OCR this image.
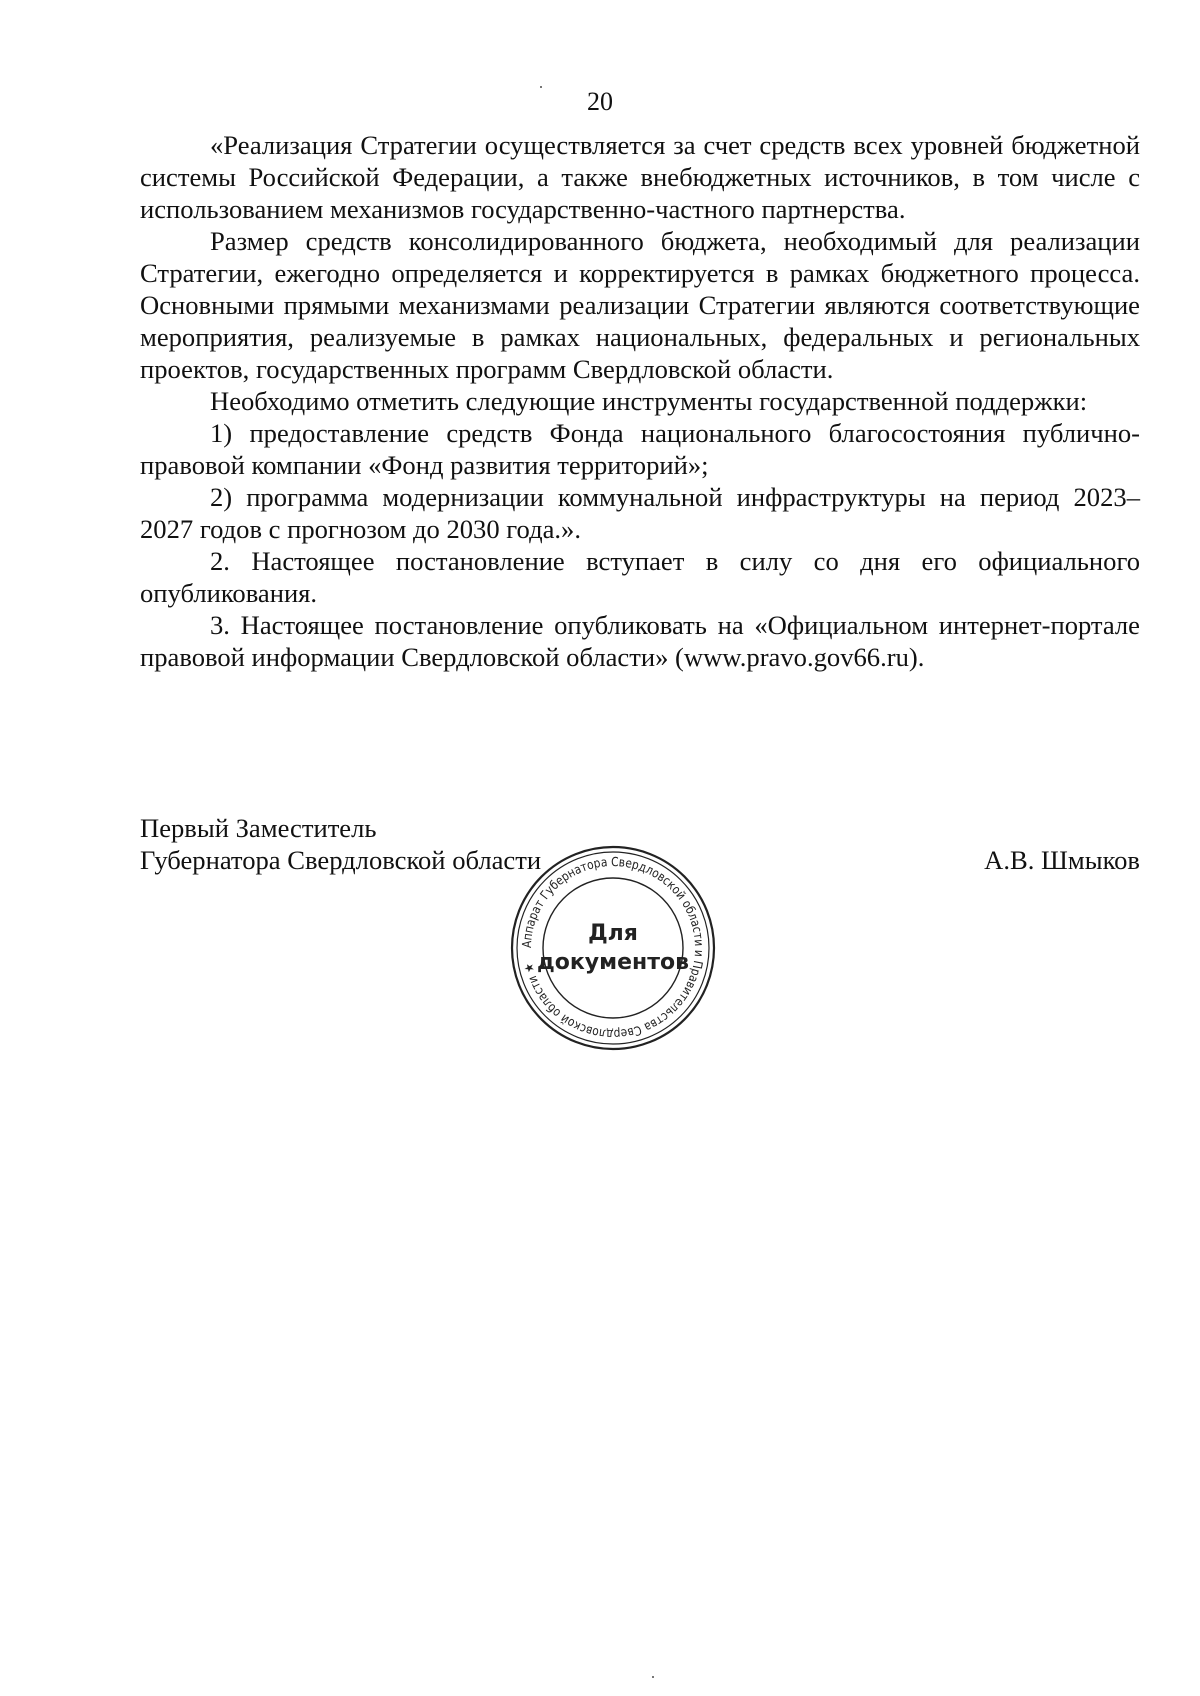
20

«Реализация Стратегии осуществляется за счет средств всех уровней бюджетной системы Российской Федерации, а также внебюджетных источников, в том числе с использованием механизмов государственно-частного партнерства.

Размер средств консолидированного бюджета, необходимый для реализации Стратегии, ежегодно определяется и корректируется в рамках бюджетного процесса. Основными прямыми механизмами реализации Стратегии являются соответствующие мероприятия, реализуемые в рамках национальных, федеральных и региональных проектов, государственных программ Свердловской области.

Необходимо отметить следующие инструменты государственной поддержки:

1) предоставление средств Фонда национального благосостояния публично-правовой компании «Фонд развития территорий»;

2) программа модернизации коммунальной инфраструктуры на период 2023–2027 годов с прогнозом до 2030 года.».

2. Настоящее постановление вступает в силу со дня его официального опубликования.

3. Настоящее постановление опубликовать на «Официальном интернет-портале правовой информации Свердловской области» (www.pravo.gov66.ru).

Первый Заместитель
Губернатора Свердловской области	А.В. Шмыков
Аппарат Губернатора Свердловской области и Правительства Свердловской области ★
Для
документов
